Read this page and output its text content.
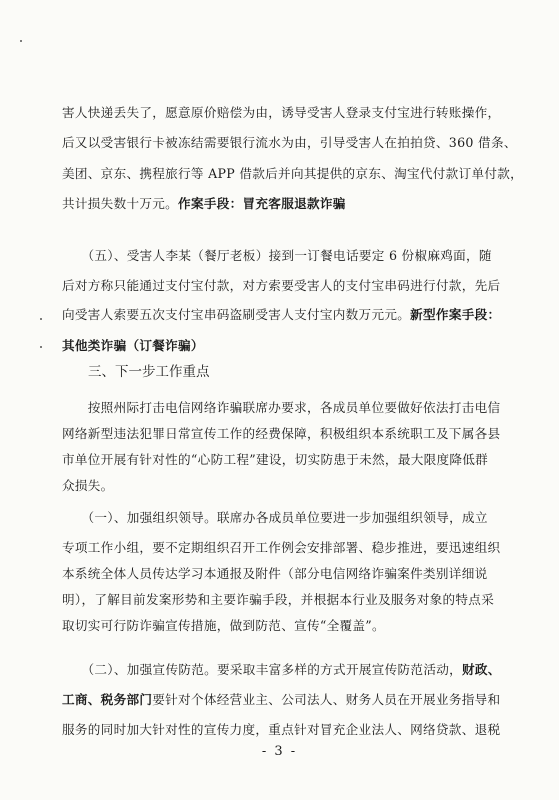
害人快递丢失了，愿意原价赔偿为由，诱导受害人登录支付宝进行转账操作，
后又以受害银行卡被冻结需要银行流水为由，引导受害人在拍拍贷、360 借条、
美团、京东、携程旅行等 APP 借款后并向其提供的京东、淘宝代付款订单付款，
共计损失数十万元。作案手段：冒充客服退款诈骗
　　（五）、受害人李某（餐厅老板）接到一订餐电话要定 6 份椒麻鸡面，随
后对方称只能通过支付宝付款，对方索要受害人的支付宝串码进行付款，先后
向受害人索要五次支付宝串码盗刷受害人支付宝内数万元元。新型作案手段：
其他类诈骗（订餐诈骗）
三、下一步工作重点
　　按照州际打击电信网络诈骗联席办要求，各成员单位要做好依法打击电信
网络新型违法犯罪日常宣传工作的经费保障，积极组织本系统职工及下属各县
市单位开展有针对性的“心防工程”建设，切实防患于未然，最大限度降低群
众损失。
　　（一）、加强组织领导。联席办各成员单位要进一步加强组织领导，成立
专项工作小组，要不定期组织召开工作例会安排部署、稳步推进，要迅速组织
本系统全体人员传达学习本通报及附件（部分电信网络诈骗案件类别详细说
明），了解目前发案形势和主要诈骗手段，并根据本行业及服务对象的特点采
取切实可行防诈骗宣传措施，做到防范、宣传“全覆盖”。
　　（二）、加强宣传防范。要采取丰富多样的方式开展宣传防范活动，财政、
工商、税务部门要针对个体经营业主、公司法人、财务人员在开展业务指导和
服务的同时加大针对性的宣传力度，重点针对冒充企业法人、网络贷款、退税
- 3 -
